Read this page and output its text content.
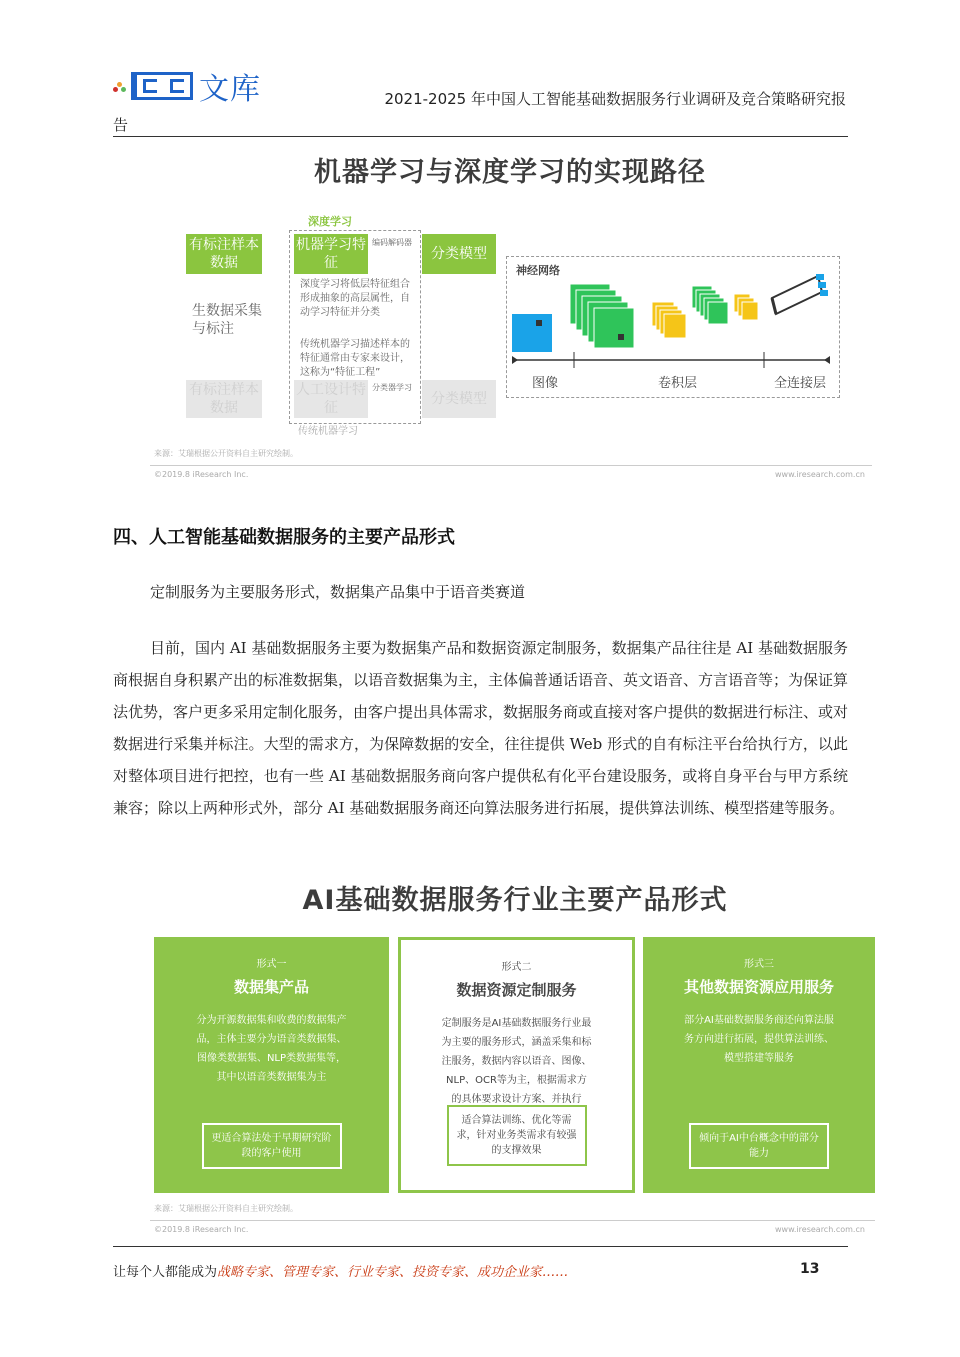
文库	2021-2025 年中国人工智能基础数据服务行业调研及竞合策略研究报
告
机器学习与深度学习的实现路径
深度学习
有标注样本数据
机器学习特征
分类模型
编码解码器
深度学习将低层特征组合形成抽象的高层属性，自动学习特征并分类
生数据采集与标注
传统机器学习描述样本的特征通常由专家来设计，这称为“特征工程”
有标注样本数据
人工设计特征
分类模型
分类器学习
传统机器学习
神经网络
图像	卷积层	全连接层
来源：艾瑞根据公开资料自主研究绘制。
©2019.8 iResearch Inc.	www.iresearch.com.cn
四、人工智能基础数据服务的主要产品形式
定制服务为主要服务形式，数据集产品集中于语音类赛道

目前，国内 AI 基础数据服务主要为数据集产品和数据资源定制服务，数据集产品往往是 AI 基础数据服务商根据自身积累产出的标准数据集，以语音数据集为主，主体偏普通话语音、英文语音、方言语音等；为保证算法优势，客户更多采用定制化服务，由客户提出具体需求，数据服务商或直接对客户提供的数据进行标注、或对数据进行采集并标注。大型的需求方，为保障数据的安全，往往提供 Web 形式的自有标注平台给执行方，以此对整体项目进行把控，也有一些 AI 基础数据服务商向客户提供私有化平台建设服务，或将自身平台与甲方系统兼容；除以上两种形式外，部分 AI 基础数据服务商还向算法服务进行拓展，提供算法训练、模型搭建等服务。

AI基础数据服务行业主要产品形式
形式一
数据集产品
分为开源数据集和收费的数据集产品，主体主要分为语音类数据集、图像类数据集、NLP类数据集等，其中以语音类数据集为主
更适合算法处于早期研究阶段的客户使用
形式二
数据资源定制服务
定制服务是AI基础数据服务行业最为主要的服务形式，涵盖采集和标注服务，数据内容以语音、图像、NLP、OCR等为主，根据需求方的具体要求设计方案、并执行
适合算法训练、优化等需求，针对业务类需求有较强的支撑效果
形式三
其他数据资源应用服务
部分AI基础数据服务商还向算法服务方向进行拓展，提供算法训练、模型搭建等服务
倾向于AI中台概念中的部分能力
来源：艾瑞根据公开资料自主研究绘制。
©2019.8 iResearch Inc.	www.iresearch.com.cn
让每个人都能成为战略专家、管理专家、行业专家、投资专家、成功企业家……	13
